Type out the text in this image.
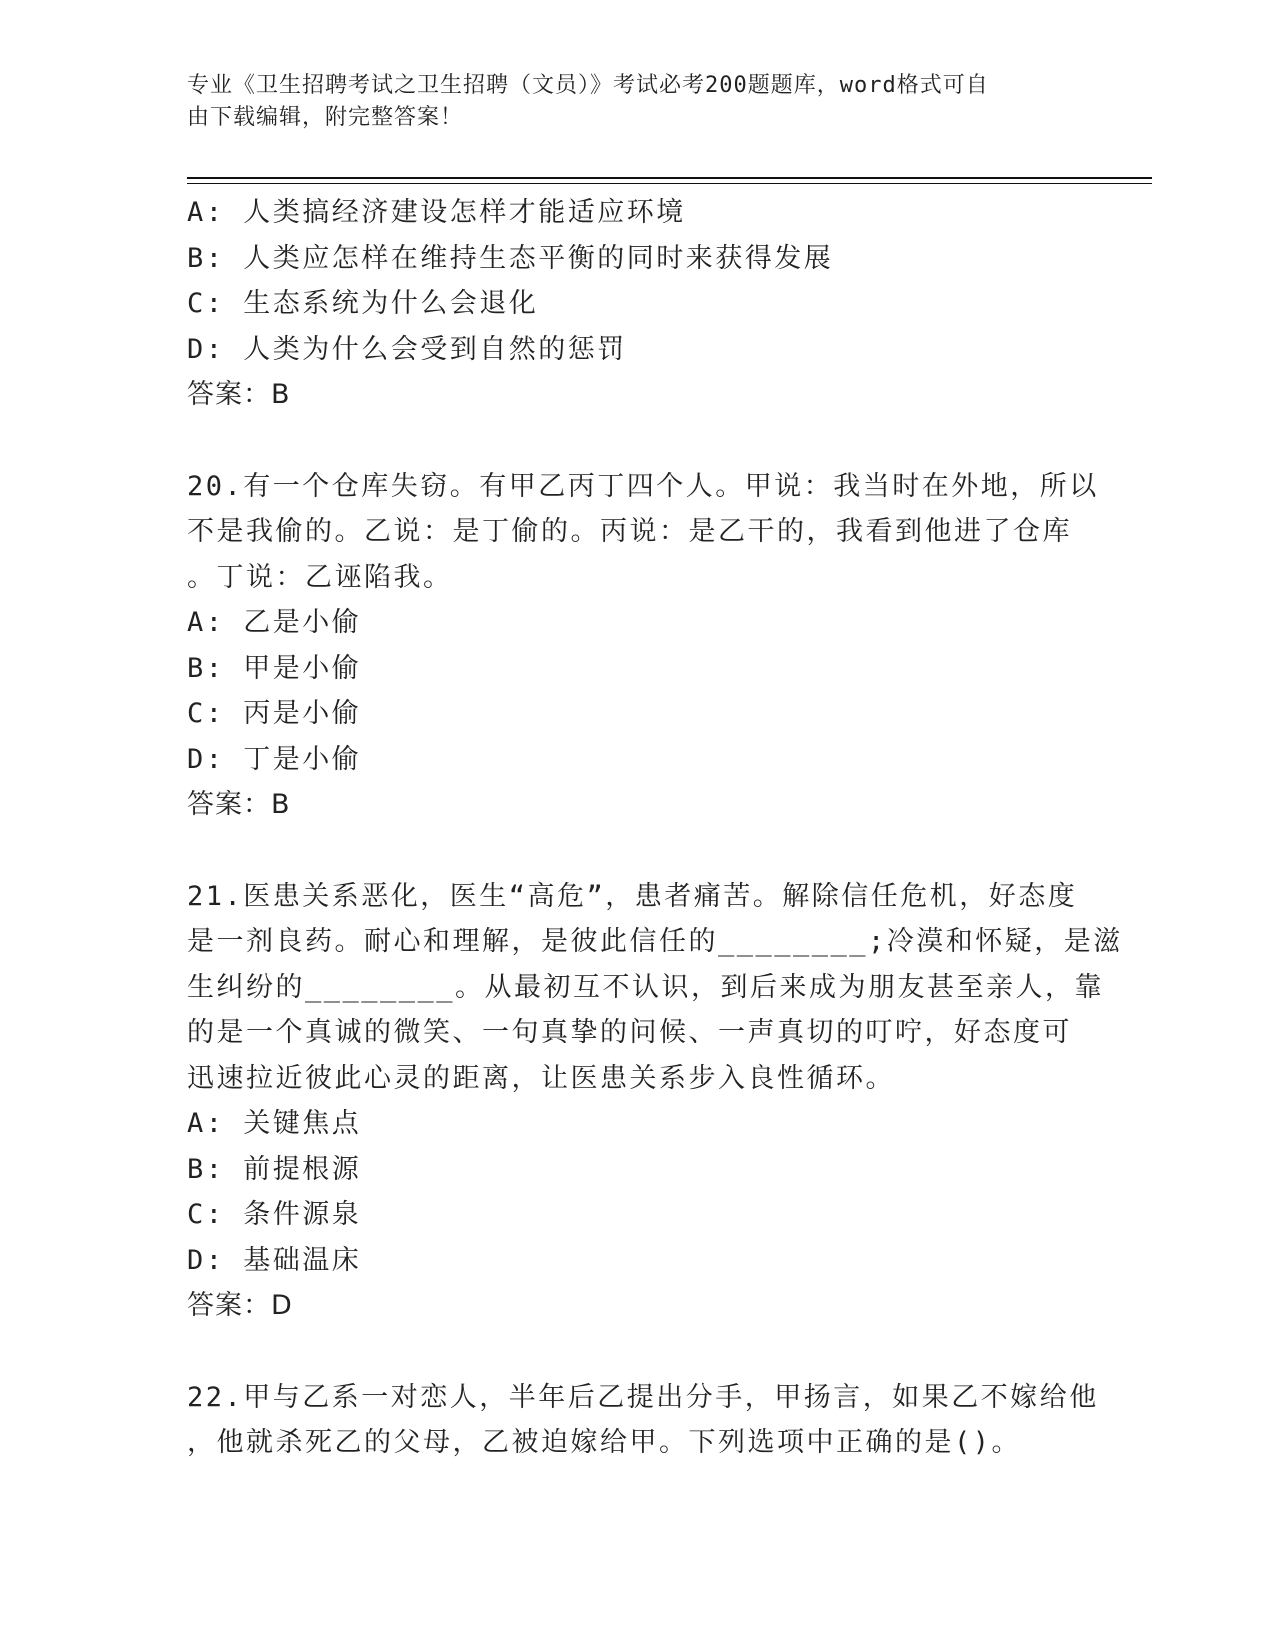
专业《卫生招聘考试之卫生招聘（文员）》考试必考200题题库，word格式可自
由下载编辑，附完整答案！
A: 人类搞经济建设怎样才能适应环境
B: 人类应怎样在维持生态平衡的同时来获得发展
C: 生态系统为什么会退化
D: 人类为什么会受到自然的惩罚
答案：B
20.有一个仓库失窃。有甲乙丙丁四个人。甲说：我当时在外地，所以
不是我偷的。乙说：是丁偷的。丙说：是乙干的，我看到他进了仓库
。丁说：乙诬陷我。
A: 乙是小偷
B: 甲是小偷
C: 丙是小偷
D: 丁是小偷
答案：B
21.医患关系恶化，医生“高危”，患者痛苦。解除信任危机，好态度
是一剂良药。耐心和理解，是彼此信任的________;冷漠和怀疑，是滋
生纠纷的________。从最初互不认识，到后来成为朋友甚至亲人，靠
的是一个真诚的微笑、一句真挚的问候、一声真切的叮咛，好态度可
迅速拉近彼此心灵的距离，让医患关系步入良性循环。
A: 关键焦点
B: 前提根源
C: 条件源泉
D: 基础温床
答案：D
22.甲与乙系一对恋人，半年后乙提出分手，甲扬言，如果乙不嫁给他
，他就杀死乙的父母，乙被迫嫁给甲。下列选项中正确的是()。
